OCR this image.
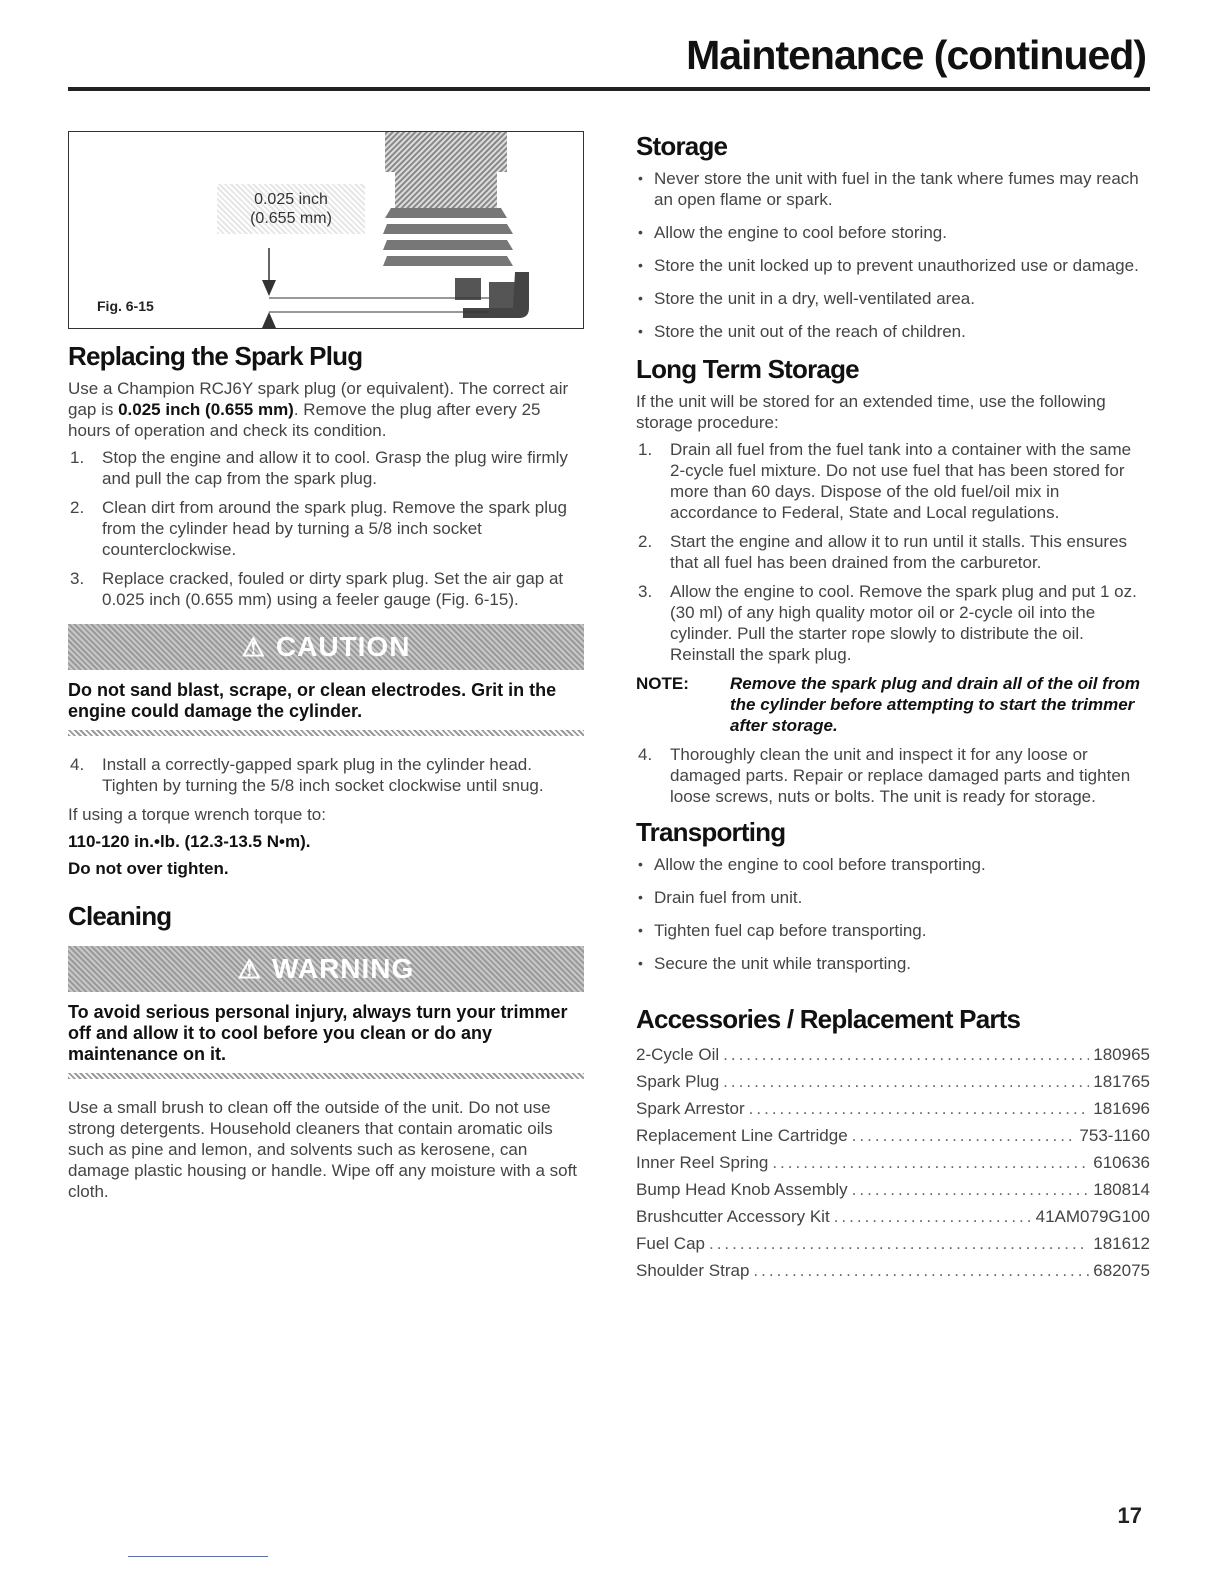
Maintenance (continued)
0.025 inch
(0.655 mm)
Fig. 6-15
Replacing the Spark Plug

Use a Champion RCJ6Y spark plug (or equivalent). The correct air gap is 0.025 inch (0.655 mm). Remove the plug after every 25 hours of operation and check its condition.

1. Stop the engine and allow it to cool. Grasp the plug wire firmly and pull the cap from the spark plug.
2. Clean dirt from around the spark plug. Remove the spark plug from the cylinder head by turning a 5/8 inch socket counterclockwise.
3. Replace cracked, fouled or dirty spark plug. Set the air gap at 0.025 inch (0.655 mm) using a feeler gauge (Fig. 6-15).
⚠ CAUTION
Do not sand blast, scrape, or clean electrodes. Grit in the engine could damage the cylinder.
4. Install a correctly-gapped spark plug in the cylinder head. Tighten by turning the 5/8 inch socket clockwise until snug.

If using a torque wrench torque to:

110-120 in.•lb. (12.3-13.5 N•m).
Do not over tighten.
Cleaning
⚠ WARNING
To avoid serious personal injury, always turn your trimmer off and allow it to cool before you clean or do any maintenance on it.

Use a small brush to clean off the outside of the unit. Do not use strong detergents. Household cleaners that contain aromatic oils such as pine and lemon, and solvents such as kerosene, can damage plastic housing or handle. Wipe off any moisture with a soft cloth.

Storage
• Never store the unit with fuel in the tank where fumes may reach an open flame or spark.
• Allow the engine to cool before storing.
• Store the unit locked up to prevent unauthorized use or damage.
• Store the unit in a dry, well-ventilated area.
• Store the unit out of the reach of children.
Long Term Storage

If the unit will be stored for an extended time, use the following storage procedure:

1. Drain all fuel from the fuel tank into a container with the same 2-cycle fuel mixture. Do not use fuel that has been stored for more than 60 days. Dispose of the old fuel/oil mix in accordance to Federal, State and Local regulations.
2. Start the engine and allow it to run until it stalls. This ensures that all fuel has been drained from the carburetor.
3. Allow the engine to cool. Remove the spark plug and put 1 oz. (30 ml) of any high quality motor oil or 2-cycle oil into the cylinder. Pull the starter rope slowly to distribute the oil. Reinstall the spark plug.
NOTE: Remove the spark plug and drain all of the oil from the cylinder before attempting to start the trimmer after storage.
4. Thoroughly clean the unit and inspect it for any loose or damaged parts. Repair or replace damaged parts and tighten loose screws, nuts or bolts. The unit is ready for storage.
Transporting
• Allow the engine to cool before transporting.
• Drain fuel from unit.
• Tighten fuel cap before transporting.
• Secure the unit while transporting.
Accessories / Replacement Parts
2-Cycle Oil .....	180965
Spark Plug .....	181765
Spark Arrestor .....	181696
Replacement Line Cartridge .....	753-1160
Inner Reel Spring .....	610636
Bump Head Knob Assembly .....	180814
Brushcutter Accessory Kit .....	41AM079G100
Fuel Cap .....	181612
Shoulder Strap .....	682075
17
